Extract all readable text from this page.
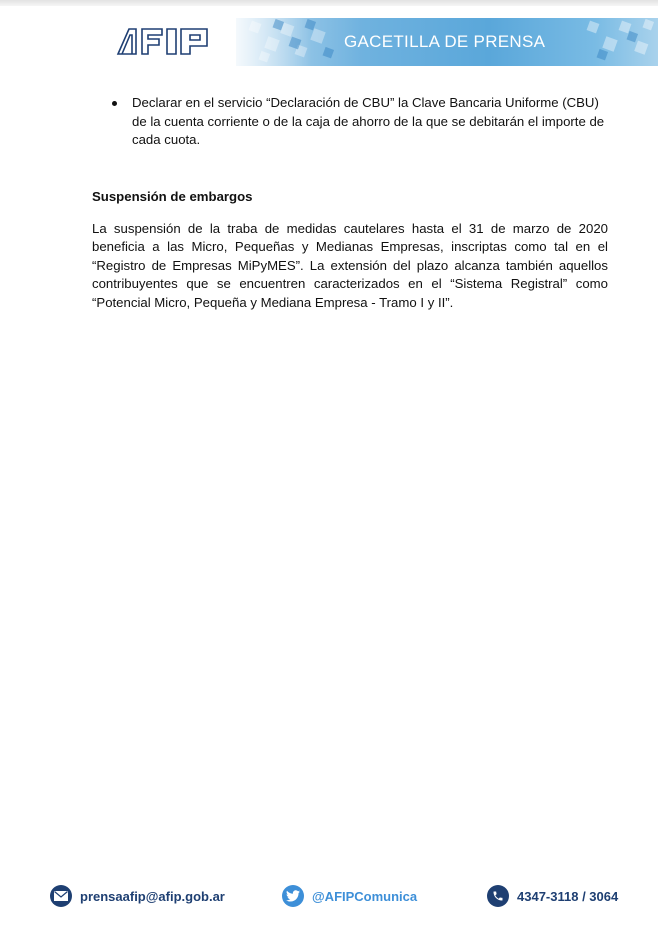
GACETILLA DE PRENSA

Declarar en el servicio “Declaración de CBU” la Clave Bancaria Uniforme (CBU) de la cuenta corriente o de la caja de ahorro de la que se debitarán el importe de cada cuota.

Suspensión de embargos

La suspensión de la traba de medidas cautelares hasta el 31 de marzo de 2020 beneficia a las Micro, Pequeñas y Medianas Empresas, inscriptas como tal en el “Registro de Empresas MiPyMES”. La extensión del plazo alcanza también aquellos contribuyentes que se encuentren caracterizados en el “Sistema Registral” como “Potencial Micro, Pequeña y Mediana Empresa - Tramo I y II”.

prensaafip@afip.gob.ar	@AFIPComunica	4347-3118 / 3064
